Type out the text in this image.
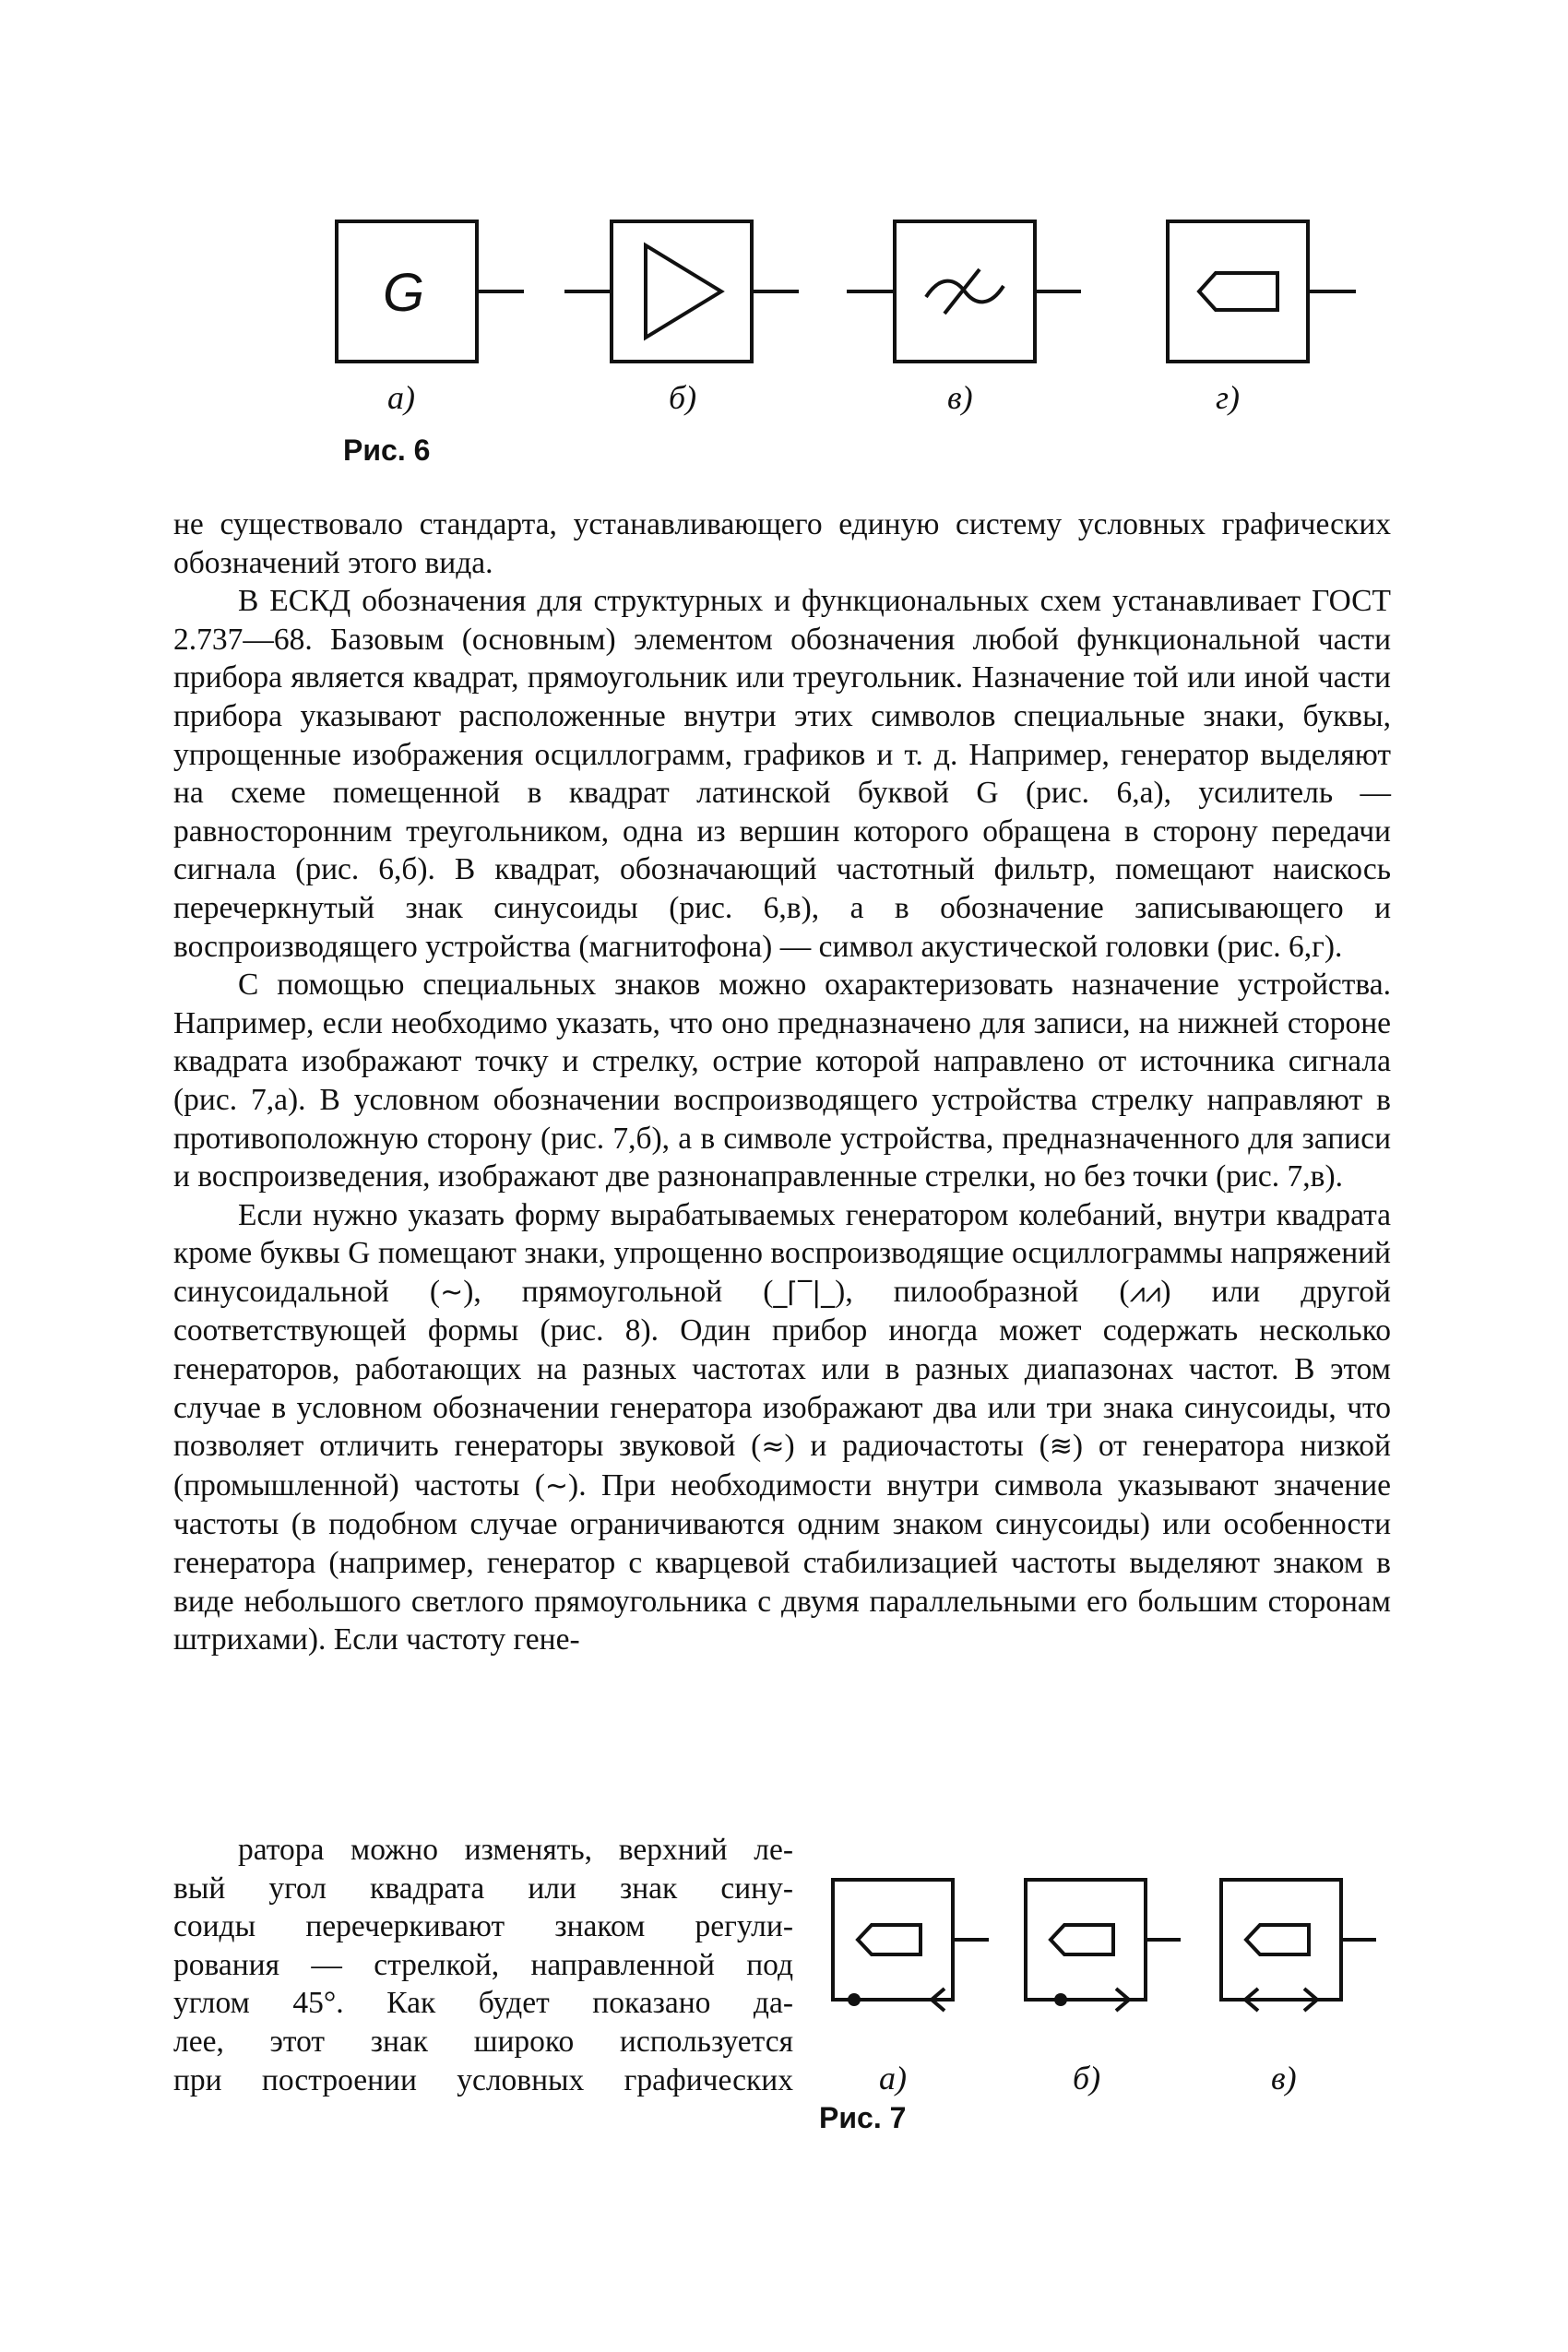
G
а)	б)	в)	г)
Рис. 6

не существовало стандарта, устанавливающего единую систему условных графических обозначений этого вида.

В ЕСКД обозначения для структурных и функциональных схем устанавливает ГОСТ 2.737—68. Базовым (основным) элементом обозначения любой функциональной части прибора является квадрат, прямоугольник или треугольник. Назначение той или иной части прибора указывают расположенные внутри этих символов специальные знаки, буквы, упрощенные изображения осциллограмм, графиков и т. д. Например, генератор выделяют на схеме помещенной в квадрат латинской буквой G (рис. 6,а), усилитель — равносторонним треугольником, одна из вершин которого обращена в сторону передачи сигнала (рис. 6,б). В квадрат, обозначающий частотный фильтр, помещают наискось перечеркнутый знак синусоиды (рис. 6,в), а в обозначение записывающего и воспроизводящего устройства (магнитофона) — символ акустической головки (рис. 6,г).

С помощью специальных знаков можно охарактеризовать назначение устройства. Например, если необходимо указать, что оно предназначено для записи, на нижней стороне квадрата изображают точку и стрелку, острие которой направлено от источника сигнала (рис. 7,а). В условном обозначении воспроизводящего устройства стрелку направляют в противоположную сторону (рис. 7,б), а в символе устройства, предназначенного для записи и воспроизведения, изображают две разнонаправленные стрелки, но без точки (рис. 7,в).

Если нужно указать форму вырабатываемых генератором колебаний, внутри квадрата кроме буквы G помещают знаки, упрощенно воспроизводящие осциллограммы напряжений синусоидальной (~), прямоугольной (_⌈‾|_), пилообразной (⩘⩘) или другой соответствующей формы (рис. 8). Один прибор иногда может содержать несколько генераторов, работающих на разных частотах или в разных диапазонах частот. В этом случае в условном обозначении генератора изображают два или три знака синусоиды, что позволяет отличить генераторы звуковой (≈) и радиочастоты (≋) от генератора низкой (промышленной) частоты (~). При необходимости внутри символа указывают значение частоты (в подобном случае ограничиваются одним знаком синусоиды) или особенности генератора (например, генератор с кварцевой стабилизацией частоты выделяют знаком в виде небольшого светлого прямоугольника с двумя параллельными его большим сторонам штрихами). Если частоту гене-

ратора можно изменять, верхний ле-
вый угол квадрата или знак сину-
соиды перечеркивают знаком регули-
рования — стрелкой, направленной под
углом 45°. Как будет показано да-
лее, этот знак широко используется
при построении условных графических	а)	б)	в)
Рис. 7
